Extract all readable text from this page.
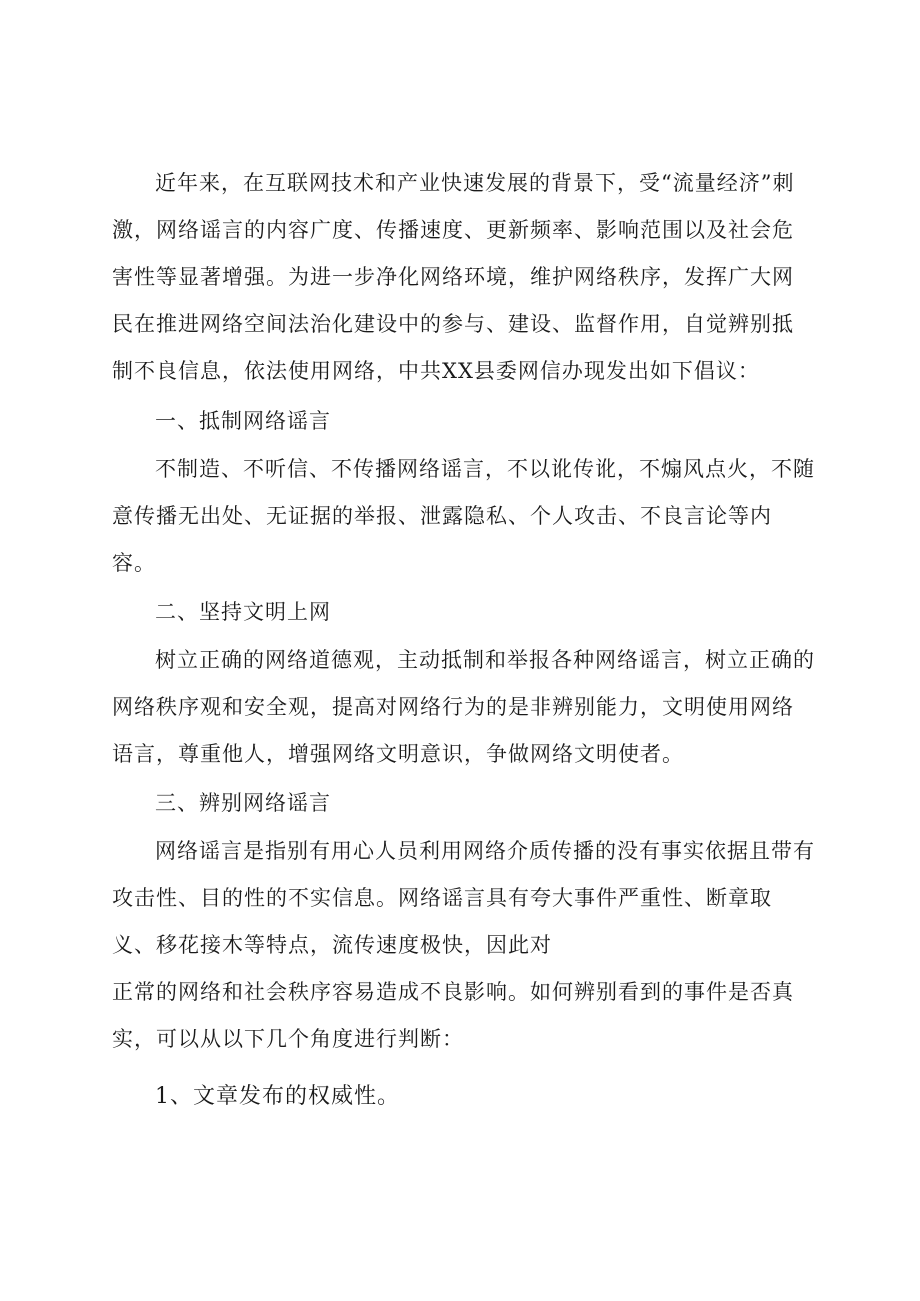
近年来，在互联网技术和产业快速发展的背景下，受“流量经济”刺
激，网络谣言的内容广度、传播速度、更新频率、影响范围以及社会危
害性等显著增强。为进一步净化网络环境，维护网络秩序，发挥广大网
民在推进网络空间法治化建设中的参与、建设、监督作用，自觉辨别抵
制不良信息，依法使用网络，中共XX县委网信办现发出如下倡议：
一、抵制网络谣言
不制造、不听信、不传播网络谣言，不以讹传讹，不煽风点火，不随
意传播无出处、无证据的举报、泄露隐私、个人攻击、不良言论等内
容。
二、坚持文明上网
树立正确的网络道德观，主动抵制和举报各种网络谣言，树立正确的
网络秩序观和安全观，提高对网络行为的是非辨别能力，文明使用网络
语言，尊重他人，增强网络文明意识，争做网络文明使者。
三、辨别网络谣言
网络谣言是指别有用心人员利用网络介质传播的没有事实依据且带有
攻击性、目的性的不实信息。网络谣言具有夸大事件严重性、断章取
义、移花接木等特点，流传速度极快，因此对
正常的网络和社会秩序容易造成不良影响。如何辨别看到的事件是否真
实，可以从以下几个角度进行判断：
1、文章发布的权威性。
